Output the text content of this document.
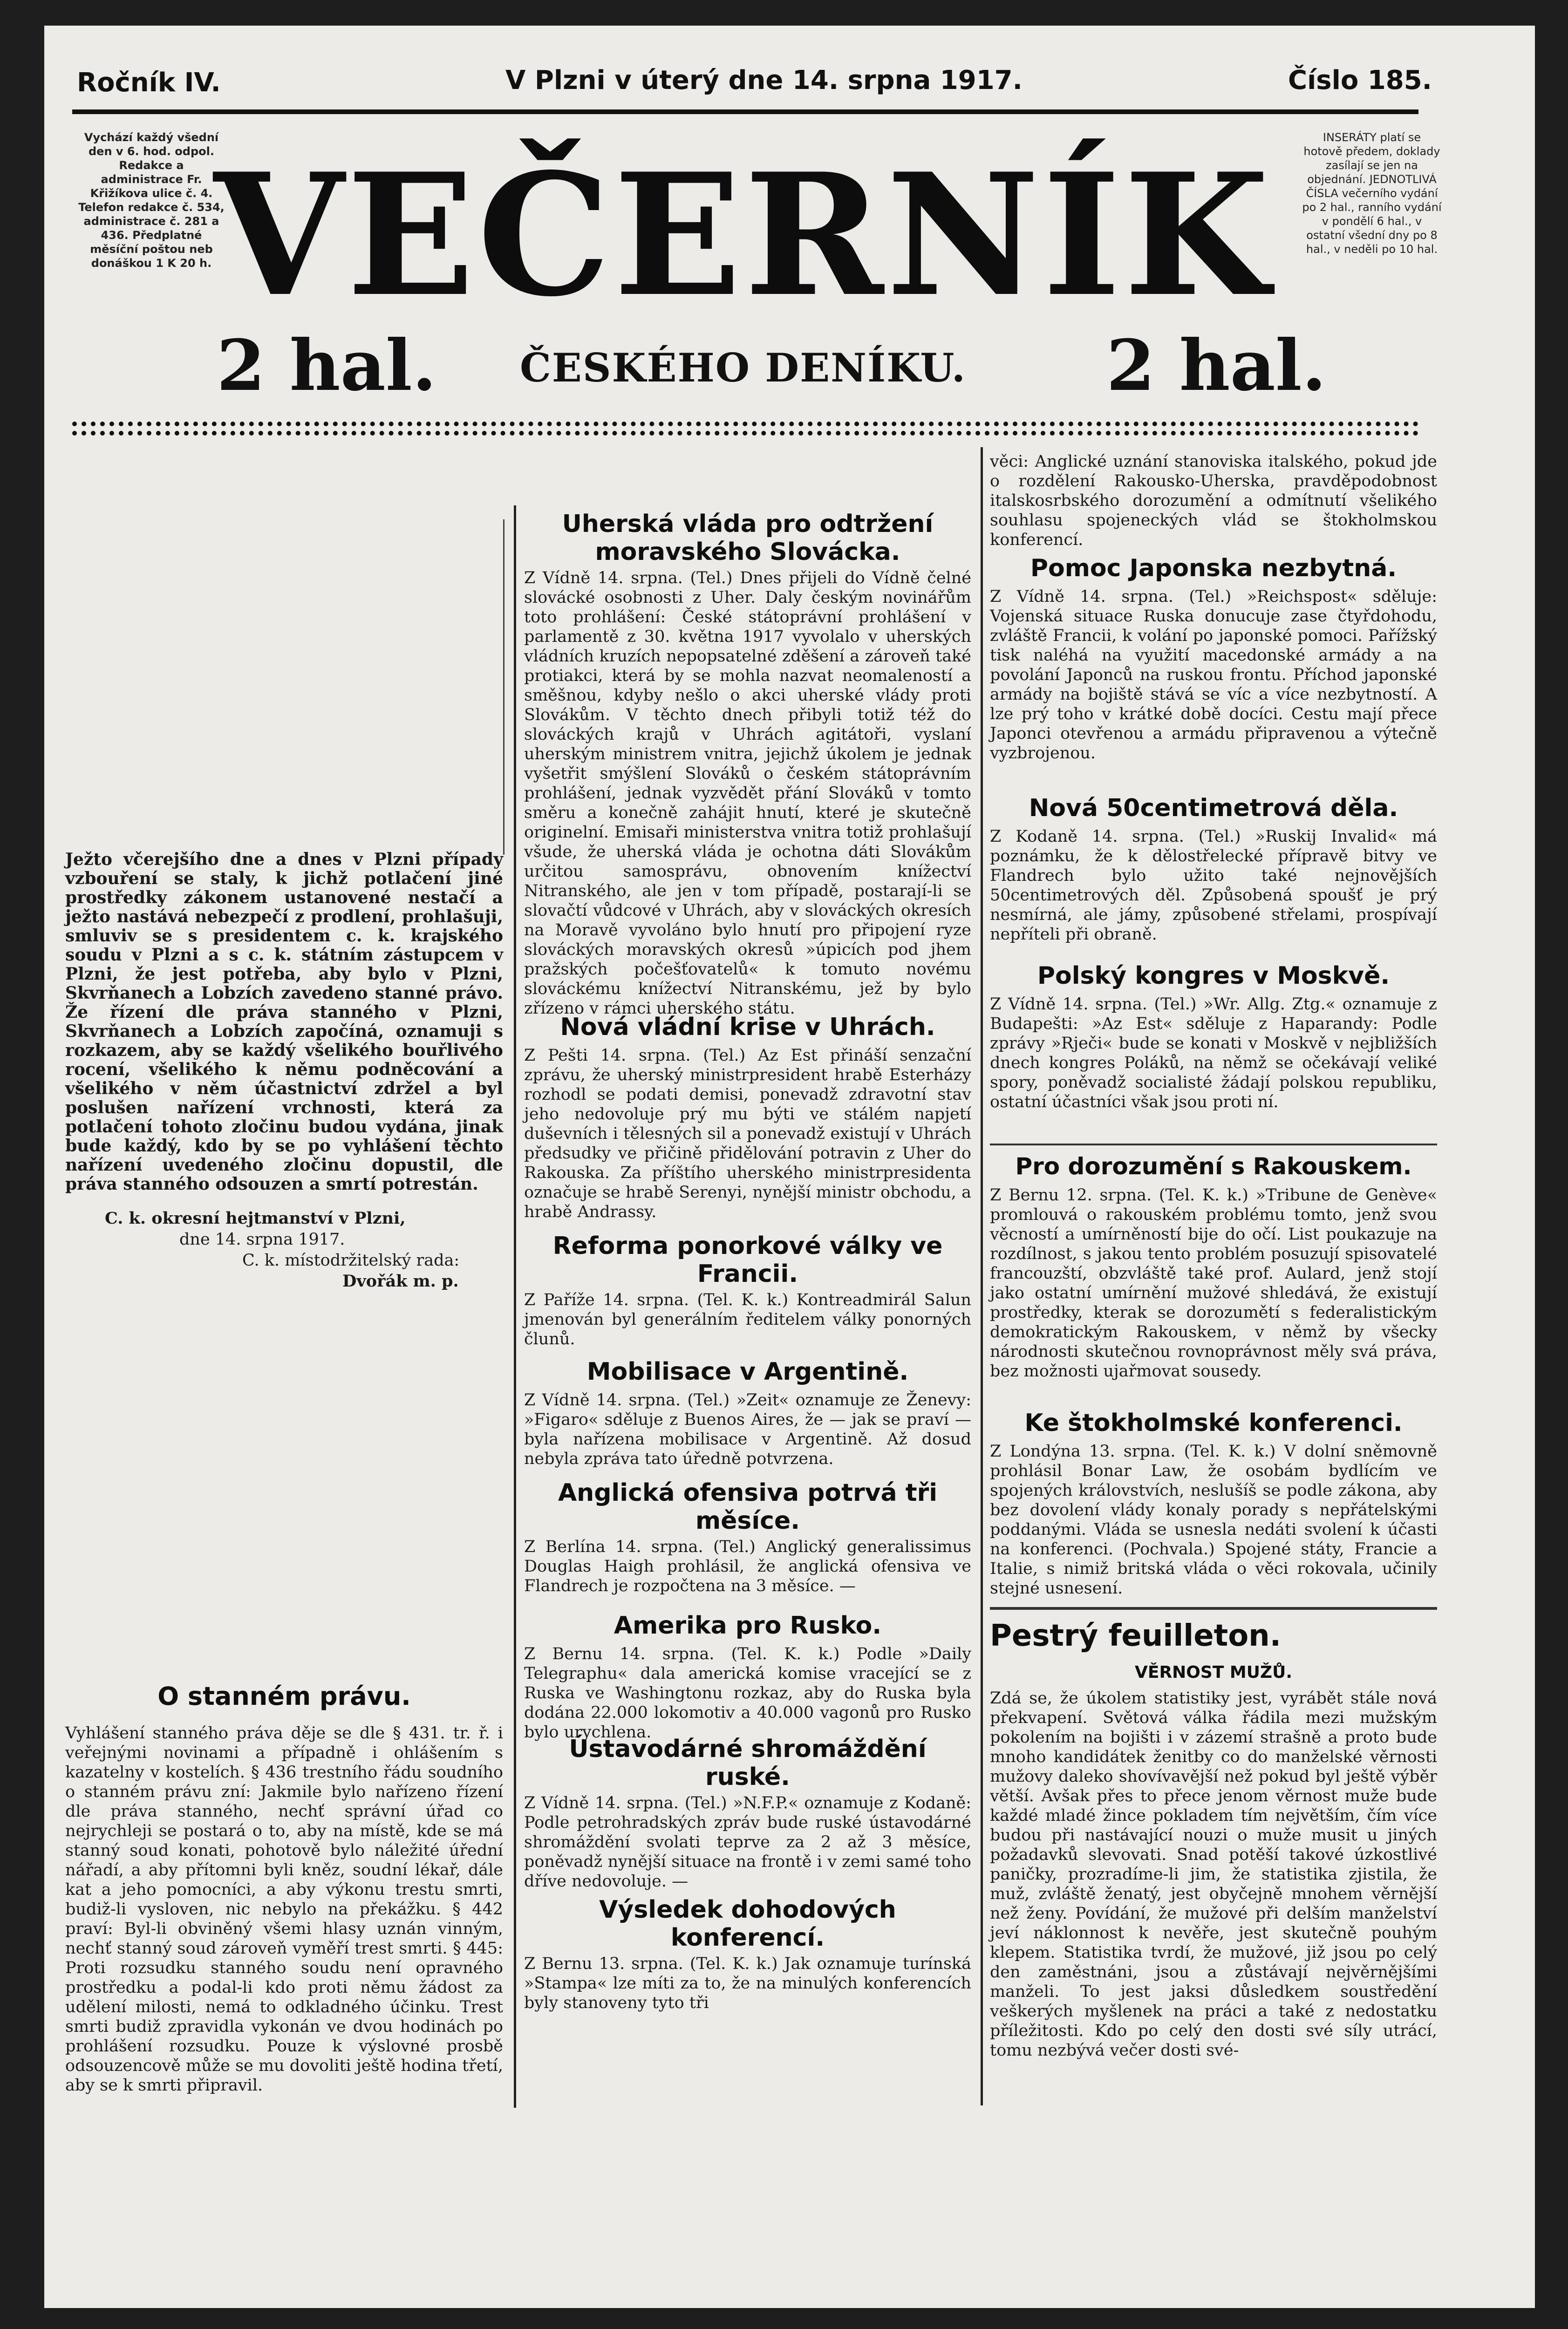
Ročník IV.	V Plzni v úterý dne 14. srpna 1917.	Číslo 185.
Vychází každý všední den v 6. hod. odpol. Redakce a administrace Fr. Křižíkova ulice č. 4. Telefon redakce č. 534, administrace č. 281 a 436. Předplatné měsíční poštou neb donáškou 1 K 20 h.
INSERÁTY platí se hotově předem, doklady zasílají se jen na objednání. JEDNOTLIVÁ ČÍSLA večerního vydání po 2 hal., ranního vydání v pondělí 6 hal., v ostatní všední dny po 8 hal., v neděli po 10 hal.
VEČERNÍK
2 hal. ČESKÉHO DENÍKU. 2 hal.
Ježto včerejšího dne a dnes v Plzni případy vzbouření se staly, k jichž potlačení jiné prostředky zákonem ustanovené nestačí a ježto nastává nebezpečí z prodlení, prohlašuji, smluviv se s presidentem c. k. krajského soudu v Plzni a s c. k. státním zástupcem v Plzni, že jest potřeba, aby bylo v Plzni, Skvrňanech a Lobzích zavedeno stanné právo. Že řízení dle práva stanného v Plzni, Skvrňanech a Lobzích započíná, oznamuji s rozkazem, aby se každý všelikého bouřlivého rocení, všelikého k němu podněcování a všelikého v něm účastnictví zdržel a byl poslušen nařízení vrchnosti, která za potlačení tohoto zločinu budou vydána, jinak bude každý, kdo by se po vyhlášení těchto nařízení uvedeného zločinu dopustil, dle práva stanného odsouzen a smrtí potrestán.
C. k. okresní hejtmanství v Plzni,
dne 14. srpna 1917.
C. k. místodržitelský rada:
Dvořák m. p.
O stanném právu.
Vyhlášení stanného práva děje se dle § 431. tr. ř. i veřejnými novinami a případně i ohlášením s kazatelny v kostelích. § 436 trestního řádu soudního o stanném právu zní: Jakmile bylo nařízeno řízení dle práva stanného, nechť správní úřad co nejrychleji se postará o to, aby na místě, kde se má stanný soud konati, pohotově bylo náležité úřední nářadí, a aby přítomni byli kněz, soudní lékař, dále kat a jeho pomocníci, a aby výkonu trestu smrti, budiž-li vysloven, nic nebylo na překážku. § 442 praví: Byl-li obviněný všemi hlasy uznán vinným, nechť stanný soud zároveň vyměří trest smrti. § 445: Proti rozsudku stanného soudu není opravného prostředku a podal-li kdo proti němu žádost za udělení milosti, nemá to odkladného účinku. Trest smrti budiž zpravidla vykonán ve dvou hodinách po prohlášení rozsudku. Pouze k výslovné prosbě odsouzencově může se mu dovoliti ještě hodina třetí, aby se k smrti připravil.
Uherská vláda pro odtržení moravského Slovácka.
Z Vídně 14. srpna. (Tel.) Dnes přijeli do Vídně čelné slovácké osobnosti z Uher. Daly českým novinářům toto prohlášení: České státoprávní prohlášení v parlamentě z 30. května 1917 vyvolalo v uherských vládních kruzích nepopsatelné zděšení a zároveň také protiakci, která by se mohla nazvat neomaleností a směšnou, kdyby nešlo o akci uherské vlády proti Slovákům. V těchto dnech přibyli totiž též do slováckých krajů v Uhrách agitátoři, vyslaní uherským ministrem vnitra, jejichž úkolem je jednak vyšetřit smýšlení Slováků o českém státoprávním prohlášení, jednak vyzvědět přání Slováků v tomto směru a konečně zahájit hnutí, které je skutečně originelní. Emisaři ministerstva vnitra totiž prohlašují všude, že uherská vláda je ochotna dáti Slovákům určitou samosprávu, obnovením knížectví Nitranského, ale jen v tom případě, postarají-li se slovačtí vůdcové v Uhrách, aby v slováckých okresích na Moravě vyvoláno bylo hnutí pro připojení ryze slováckých moravských okresů »úpicích pod jhem pražských počešťovatelů« k tomuto novému slováckému knížectví Nitranskému, jež by bylo zřízeno v rámci uherského státu.
Nová vládní krise v Uhrách.
Z Pešti 14. srpna. (Tel.) Az Est přináší senzační zprávu, že uherský ministrpresident hrabě Esterházy rozhodl se podati demisi, ponevadž zdravotní stav jeho nedovoluje prý mu býti ve stálém napjetí duševních i tělesných sil a ponevadž existují v Uhrách předsudky ve přičině přidělování potravin z Uher do Rakouska. Za příštího uherského ministrpresidenta označuje se hrabě Serenyi, nynější ministr obchodu, a hrabě Andrassy.
Reforma ponorkové války ve Francii.
Z Paříže 14. srpna. (Tel. K. k.) Kontreadmirál Salun jmenován byl generálním ředitelem války ponorných člunů.
Mobilisace v Argentině.
Z Vídně 14. srpna. (Tel.) »Zeit« oznamuje ze Ženevy: »Figaro« sděluje z Buenos Aires, že — jak se praví — byla nařízena mobilisace v Argentině. Až dosud nebyla zpráva tato úředně potvrzena.
Anglická ofensiva potrvá tři měsíce.
Z Berlína 14. srpna. (Tel.) Anglický generalissimus Douglas Haigh prohlásil, že anglická ofensiva ve Flandrech je rozpočtena na 3 měsíce. —
Amerika pro Rusko.
Z Bernu 14. srpna. (Tel. K. k.) Podle »Daily Telegraphu« dala americká komise vracející se z Ruska ve Washingtonu rozkaz, aby do Ruska byla dodána 22.000 lokomotiv a 40.000 vagonů pro Rusko bylo urychlena.
Ústavodárné shromáždění ruské.
Z Vídně 14. srpna. (Tel.) »N.F.P.« oznamuje z Kodaně: Podle petrohradských zpráv bude ruské ústavodárné shromáždění svolati teprve za 2 až 3 měsíce, poněvadž nynější situace na frontě i v zemi samé toho dříve nedovoluje. —
Výsledek dohodových konferencí.
Z Bernu 13. srpna. (Tel. K. k.) Jak oznamuje turínská »Stampa« lze míti za to, že na minulých konferencích byly stanoveny tyto tři
věci: Anglické uznání stanoviska italského, pokud jde o rozdělení Rakousko-Uherska, pravděpodobnost italskosrbského dorozumění a odmítnutí všelikého souhlasu spojeneckých vlád se štokholmskou konferencí.
Pomoc Japonska nezbytná.
Z Vídně 14. srpna. (Tel.) »Reichspost« sděluje: Vojenská situace Ruska donucuje zase čtyřdohodu, zvláště Francii, k volání po japonské pomoci. Pařížský tisk naléhá na využití macedonské armády a na povolání Japonců na ruskou frontu. Příchod japonské armády na bojiště stává se víc a více nezbytností. A lze prý toho v krátké době docíci. Cestu mají přece Japonci otevřenou a armádu připravenou a výtečně vyzbrojenou.
Nová 50centimetrová děla.
Z Kodaně 14. srpna. (Tel.) »Ruskij Invalid« má poznámku, že k dělostřelecké přípravě bitvy ve Flandrech bylo užito také nejnovějších 50centimetrových děl. Způsobená spoušť je prý nesmírná, ale jámy, způsobené střelami, prospívají nepříteli při obraně.
Polský kongres v Moskvě.
Z Vídně 14. srpna. (Tel.) »Wr. Allg. Ztg.« oznamuje z Budapešti: »Az Est« sděluje z Haparandy: Podle zprávy »Rječi« bude se konati v Moskvě v nejbližších dnech kongres Poláků, na němž se očekávají veliké spory, poněvadž socialisté žádají polskou republiku, ostatní účastníci však jsou proti ní.
Pro dorozumění s Rakouskem.
Z Bernu 12. srpna. (Tel. K. k.) »Tribune de Genève« promlouvá o rakouském problému tomto, jenž svou věcností a umírněností bije do očí. List poukazuje na rozdílnost, s jakou tento problém posuzují spisovatelé francouzští, obzvláště také prof. Aulard, jenž stojí jako ostatní umírnění mužové shledává, že existují prostředky, kterak se dorozumětí s federalistickým demokratickým Rakouskem, v němž by všecky národnosti skutečnou rovnoprávnost měly svá práva, bez možnosti ujařmovat sousedy.
Ke štokholmské konferenci.
Z Londýna 13. srpna. (Tel. K. k.) V dolní sněmovně prohlásil Bonar Law, že osobám bydlícím ve spojených královstvích, neslušíš se podle zákona, aby bez dovolení vlády konaly porady s nepřátelskými poddanými. Vláda se usnesla nedáti svolení k účasti na konferenci. (Pochvala.) Spojené státy, Francie a Italie, s nimiž britská vláda o věci rokovala, učinily stejné usnesení.
Pestrý feuilleton.
VĚRNOST MUŽŮ.
Zdá se, že úkolem statistiky jest, vyrábět stále nová překvapení. Světová válka řádila mezi mužským pokolením na bojišti i v zázemí strašně a proto bude mnoho kandidátek ženitby co do manželské věrnosti mužovy daleko shovívavější než pokud byl ještě výběr větší. Avšak přes to přece jenom věrnost muže bude každé mladé žince pokladem tím největším, čím více budou při nastávající nouzi o muže musit u jiných požadavků slevovati. Snad potěší takové úzkostlivé paničky, prozradíme-li jim, že statistika zjistila, že muž, zvláště ženatý, jest obyčejně mnohem věrnější než ženy. Povídání, že mužové při delším manželství jeví náklonnost k nevěře, jest skutečně pouhým klepem. Statistika tvrdí, že mužové, již jsou po celý den zaměstnáni, jsou a zůstávají nejvěrnějšími manželi. To jest jaksi důsledkem soustředění veškerých myšlenek na práci a také z nedostatku příležitosti. Kdo po celý den dosti své síly utrácí, tomu nezbývá večer dosti své-
